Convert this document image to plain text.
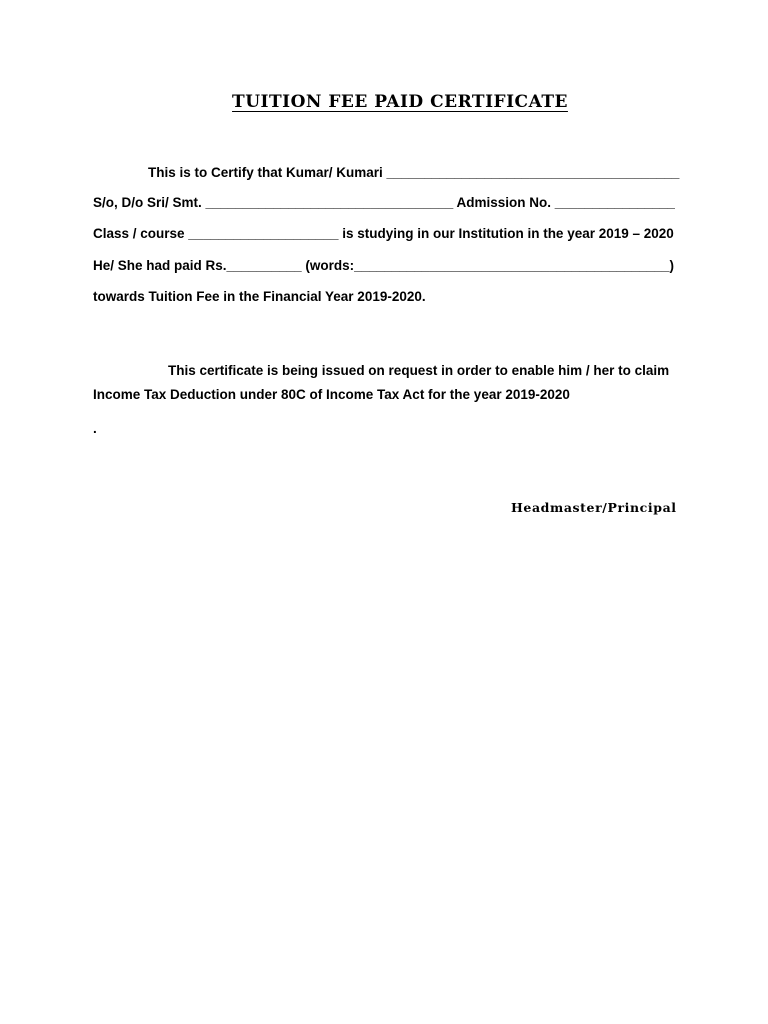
TUITION FEE PAID CERTIFICATE
This is to Certify that Kumar/ Kumari _______________________________________
S/o, D/o Sri/ Smt. _________________________________ Admission No. ________________
Class / course ____________________ is studying in our Institution in the year 2019 – 2020
He/ She had paid Rs.__________ (words:__________________________________________)
towards Tuition Fee in the Financial Year 2019-2020.
This certificate is being issued on request in order to enable him / her to claim
Income Tax Deduction under 80C of Income Tax Act for the year 2019-2020
.
Headmaster/Principal
